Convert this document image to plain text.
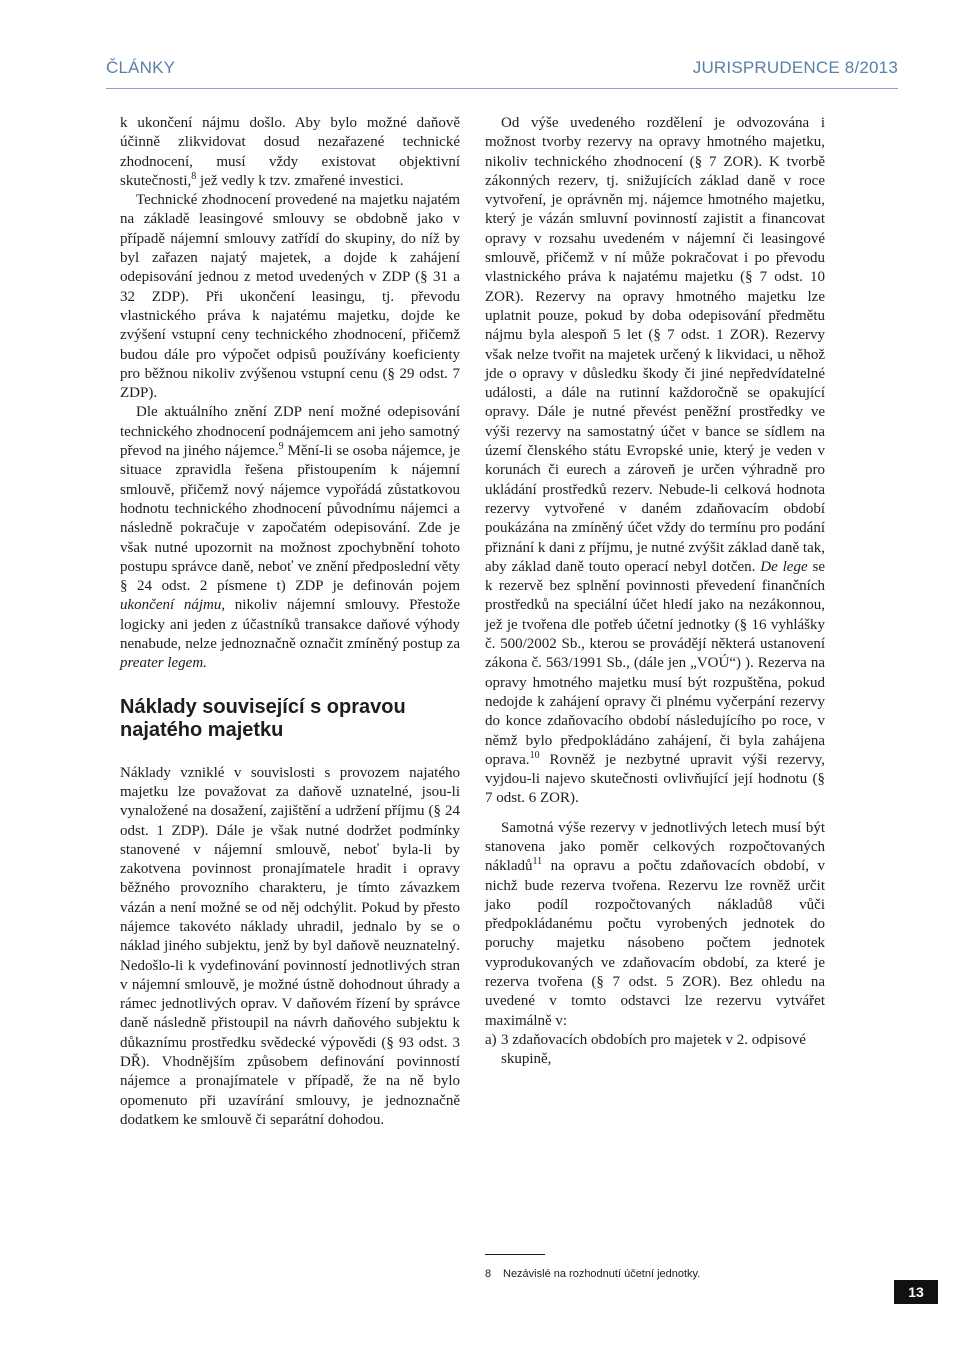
ČLÁNKY	JURISPRUDENCE 8/2013

k ukončení nájmu došlo. Aby bylo možné daňově účinně zlikvidovat dosud nezařazené technické zhodnocení, musí vždy existovat objektivní skutečnosti,$^8$ jež vedly k tzv. zmařené investici.

Technické zhodnocení provedené na majetku najatém na základě leasingové smlouvy se obdobně jako v případě nájemní smlouvy zatřídí do skupiny, do níž by byl zařazen najatý majetek, a dojde k zahájení odepisování jednou z metod uvedených v ZDP (§ 31 a 32 ZDP). Při ukončení leasingu, tj. převodu vlastnického práva k najatému majetku, dojde ke zvýšení vstupní ceny technického zhodnocení, přičemž budou dále pro výpočet odpisů používány koeficienty pro běžnou nikoliv zvýšenou vstupní cenu (§ 29 odst. 7 ZDP).

Dle aktuálního znění ZDP není možné odepisování technického zhodnocení podnájemcem ani jeho samotný převod na jiného nájemce.$^9$ Mění-li se osoba nájemce, je situace zpravidla řešena přistoupením k nájemní smlouvě, přičemž nový nájemce vypořádá zůstatkovou hodnotu technického zhodnocení původnímu nájemci a následně pokračuje v započatém odepisování. Zde je však nutné upozornit na možnost zpochybnění tohoto postupu správce daně, neboť ve znění předposlední věty § 24 odst. 2 písmene t) ZDP je definován pojem ukončení nájmu, nikoliv nájemní smlouvy. Přestože logicky ani jeden z účastníků transakce daňové výhody nenabude, nelze jednoznačně označit zmíněný postup za preater legem.

Náklady související s opravou najatého majetku

Náklady vzniklé v souvislosti s provozem najatého majetku lze považovat za daňově uznatelné, jsou-li vynaložené na dosažení, zajištění a udržení příjmu (§ 24 odst. 1 ZDP). Dále je však nutné dodržet podmínky stanovené v nájemní smlouvě, neboť byla-li by zakotvena povinnost pronajímatele hradit i opravy běžného provozního charakteru, je tímto závazkem vázán a není možné se od něj odchýlit. Pokud by přesto nájemce takovéto náklady uhradil, jednalo by se o náklad jiného subjektu, jenž by byl daňově neuznatelný. Nedošlo-li k vydefinování povinností jednotlivých stran v nájemní smlouvě, je možné ústně dohodnout úhrady a rámec jednotlivých oprav. V daňovém řízení by správce daně následně přistoupil na návrh daňového subjektu k důkaznímu prostředku svědecké výpovědi (§ 93 odst. 3 DŘ). Vhodnějším způsobem definování povinností nájemce a pronajímatele v případě, že na ně bylo opomenuto při uzavírání smlouvy, je jednoznačně dodatkem ke smlouvě či separátní dohodou.

Od výše uvedeného rozdělení je odvozována i možnost tvorby rezervy na opravy hmotného majetku, nikoliv technického zhodnocení (§ 7 ZOR). K tvorbě zákonných rezerv, tj. snižujících základ daně v roce vytvoření, je oprávněn mj. nájemce hmotného majetku, který je vázán smluvní povinností zajistit a financovat opravy v rozsahu uvedeném v nájemní či leasingové smlouvě, přičemž v ní může pokračovat i po převodu vlastnického práva k najatému majetku (§ 7 odst. 10 ZOR). Rezervy na opravy hmotného majetku lze uplatnit pouze, pokud by doba odepisování předmětu nájmu byla alespoň 5 let (§ 7 odst. 1 ZOR). Rezervy však nelze tvořit na majetek určený k likvidaci, u něhož jde o opravy v důsledku škody či jiné nepředvídatelné události, a dále na rutinní každoročně se opakující opravy. Dále je nutné převést peněžní prostředky ve výši rezervy na samostatný účet v bance se sídlem na území členského státu Evropské unie, který je veden v korunách či eurech a zároveň je určen výhradně pro ukládání prostředků rezerv. Nebude-li celková hodnota rezervy vytvořené v daném zdaňovacím období poukázána na zmíněný účet vždy do termínu pro podání přiznání k dani z příjmu, je nutné zvýšit základ daně tak, aby základ daně touto operací nebyl dotčen. De lege se k rezervě bez splnění povinnosti převedení finančních prostředků na speciální účet hledí jako na nezákonnou, jež je tvořena dle potřeb účetní jednotky (§ 16 vyhlášky č. 500/2002 Sb., kterou se provádějí některá ustanovení zákona č. 563/1991 Sb., (dále jen „VOÚ“) ). Rezerva na opravy hmotného majetku musí být rozpuštěna, pokud nedojde k zahájení opravy či plnému vyčerpání rezervy do konce zdaňovacího období následujícího po roce, v němž bylo předpokládáno zahájení, či byla zahájena oprava.$^{10}$ Rovněž je nezbytné upravit výši rezervy, vyjdou-li najevo skutečnosti ovlivňující její hodnotu (§ 7 odst. 6 ZOR).

Samotná výše rezervy v jednotlivých letech musí být stanovena jako poměr celkových rozpočtovaných nákladů$^{11}$ na opravu a počtu zdaňovacích období, v nichž bude rezerva tvořena. Rezervu lze rovněž určit jako podíl rozpočtovaných nákladů8 vůči předpokládanému počtu vyrobených jednotek do poruchy majetku násobeno počtem jednotek vyprodukovaných ve zdaňovacím období, za které je rezerva tvořena (§ 7 odst. 5 ZOR). Bez ohledu na uvedené v tomto odstavci lze rezervu vytvářet maximálně v:

a) 3 zdaňovacích obdobích pro majetek v 2. odpisové skupině,
8 Nezávislé na rozhodnutí účetní jednotky.
13
